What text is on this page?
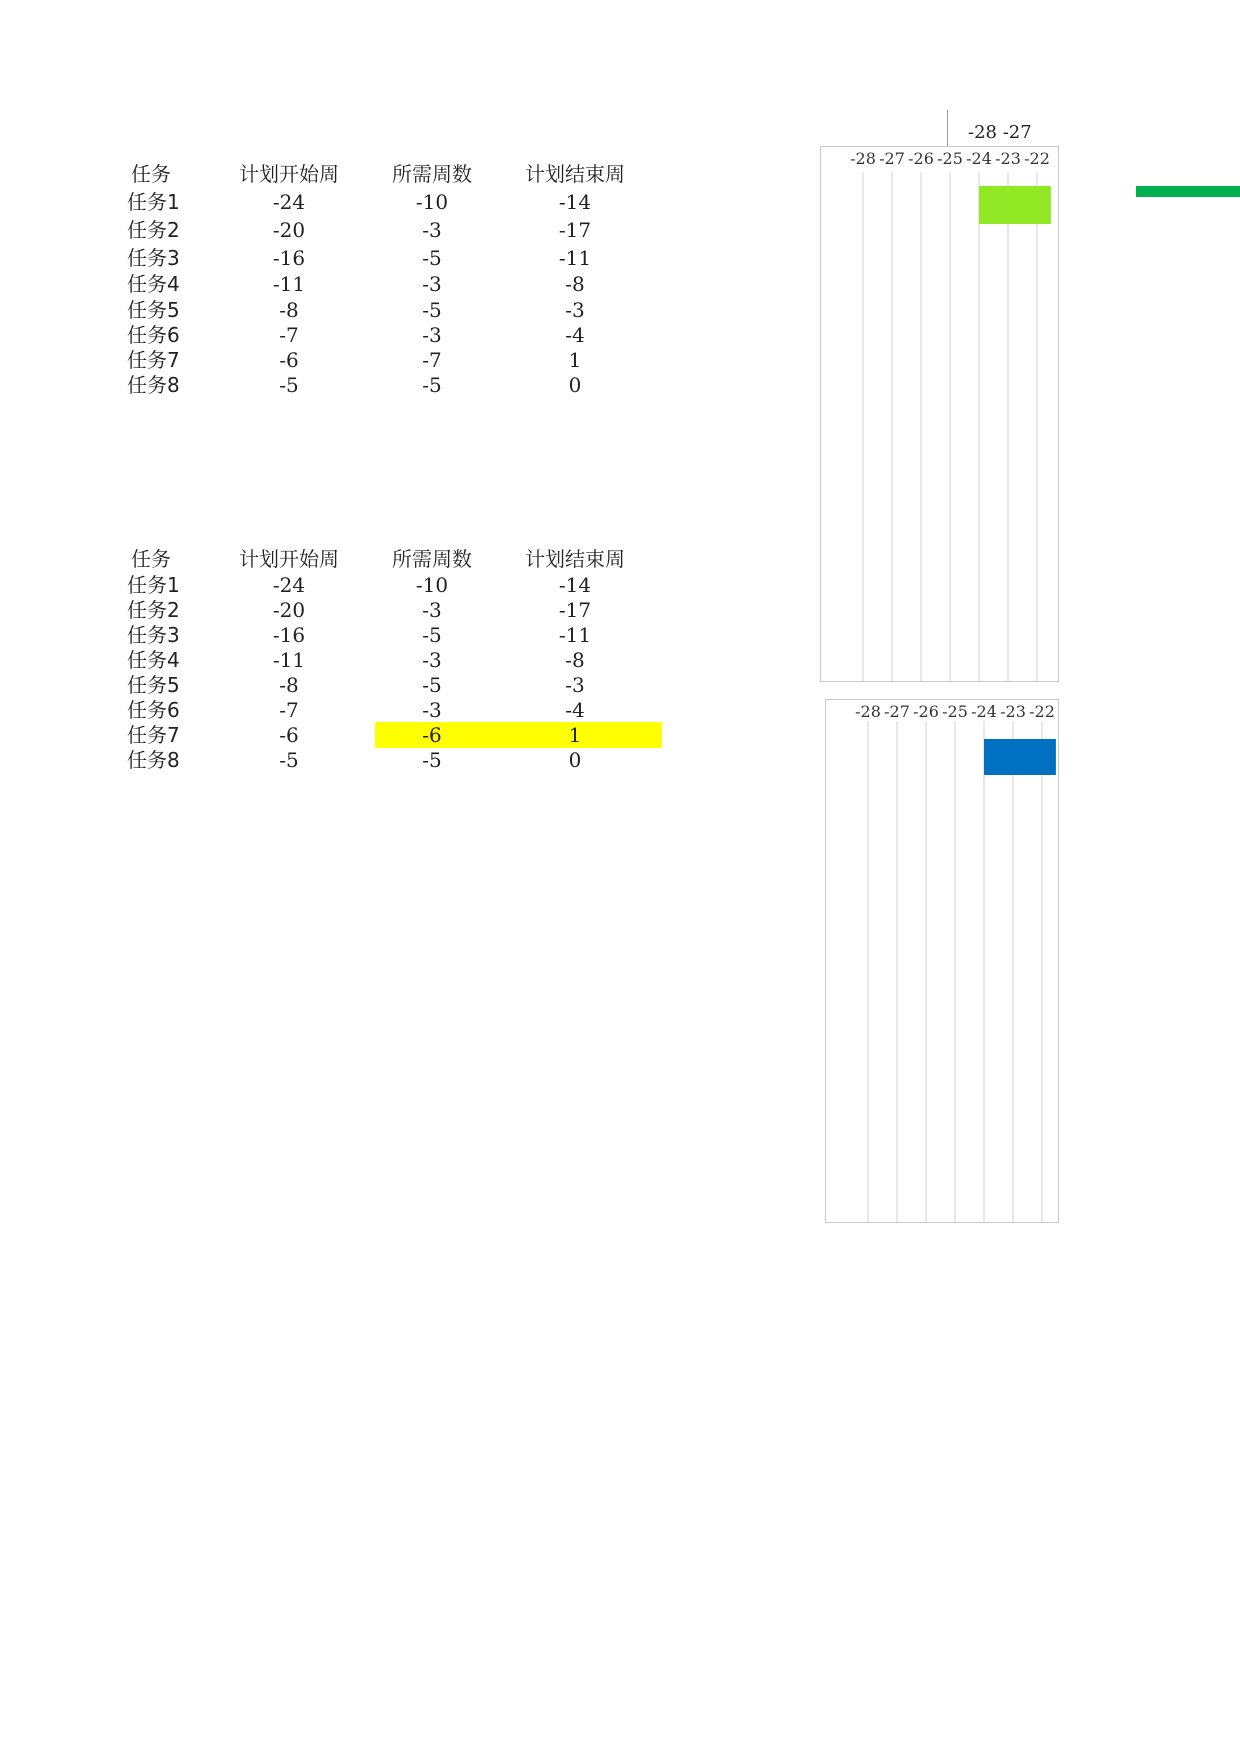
任务	计划开始周	所需周数	计划结束周
任务1	-24	-10	-14
任务2	-20	-3	-17
任务3	-16	-5	-11
任务4	-11	-3	-8
任务5	-8	-5	-3
任务6	-7	-3	-4
任务7	-6	-7	1
任务8	-5	-5	0
任务	计划开始周	所需周数	计划结束周
任务1	-24	-10	-14
任务2	-20	-3	-17
任务3	-16	-5	-11
任务4	-11	-3	-8
任务5	-8	-5	-3
任务6	-7	-3	-4
任务7	-6	-6	1
任务8	-5	-5	0
-28 -27
-28 -27 -26 -25 -24 -23 -22
-28 -27 -26 -25 -24 -23 -22
